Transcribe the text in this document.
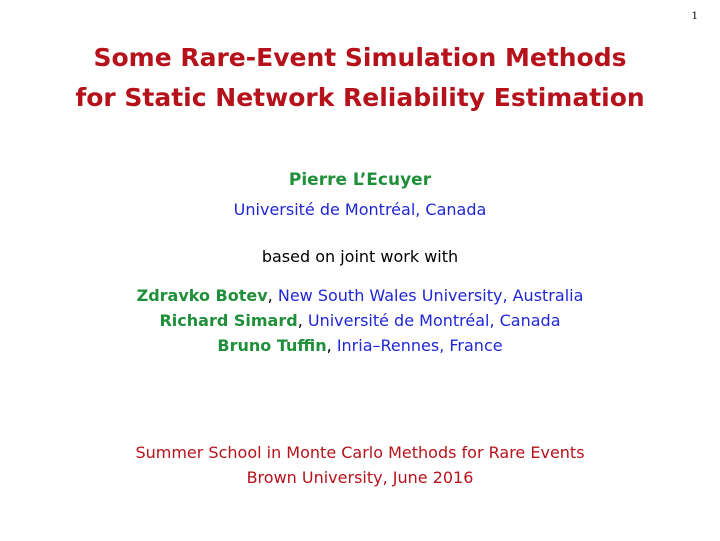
1
Some Rare-Event Simulation Methods
for Static Network Reliability Estimation
Pierre L’Ecuyer
Université de Montréal, Canada
based on joint work with
Zdravko Botev, New South Wales University, Australia
Richard Simard, Université de Montréal, Canada
Bruno Tuffin, Inria–Rennes, France
Summer School in Monte Carlo Methods for Rare Events
Brown University, June 2016
